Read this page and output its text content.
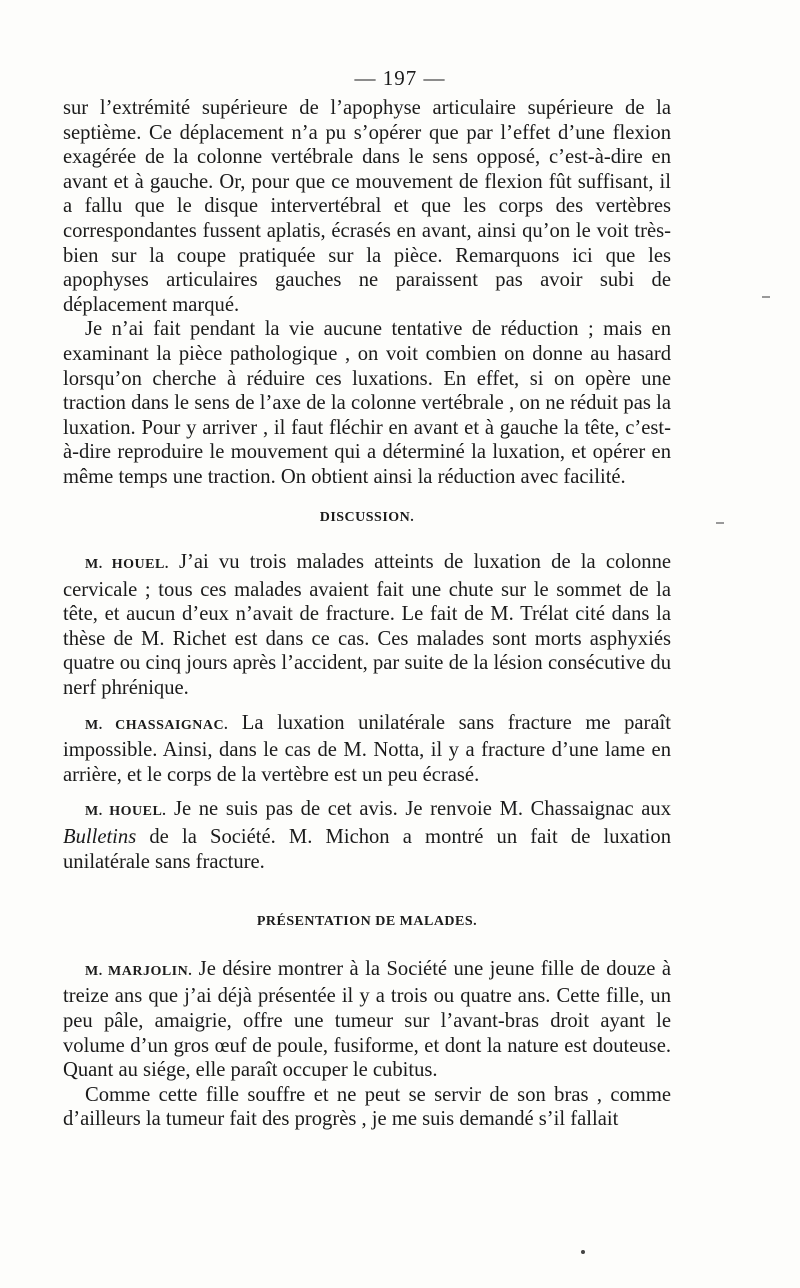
— 197 —

sur l’extrémité supérieure de l’apophyse articulaire supérieure de la septième. Ce déplacement n’a pu s’opérer que par l’effet d’une flexion exagérée de la colonne vertébrale dans le sens opposé, c’est-à-dire en avant et à gauche. Or, pour que ce mouvement de flexion fût suffisant, il a fallu que le disque intervertébral et que les corps des vertèbres correspondantes fussent aplatis, écrasés en avant, ainsi qu’on le voit très-bien sur la coupe pratiquée sur la pièce. Remarquons ici que les apophyses articulaires gauches ne paraissent pas avoir subi de déplacement marqué.

Je n’ai fait pendant la vie aucune tentative de réduction ; mais en examinant la pièce pathologique , on voit combien on donne au hasard lorsqu’on cherche à réduire ces luxations. En effet, si on opère une traction dans le sens de l’axe de la colonne vertébrale , on ne réduit pas la luxation. Pour y arriver , il faut fléchir en avant et à gauche la tête, c’est-à-dire reproduire le mouvement qui a déterminé la luxation, et opérer en même temps une traction. On obtient ainsi la réduction avec facilité.

DISCUSSION.

M. HOUEL. J’ai vu trois malades atteints de luxation de la colonne cervicale ; tous ces malades avaient fait une chute sur le sommet de la tête, et aucun d’eux n’avait de fracture. Le fait de M. Trélat cité dans la thèse de M. Richet est dans ce cas. Ces malades sont morts asphyxiés quatre ou cinq jours après l’accident, par suite de la lésion consécutive du nerf phrénique.

M. CHASSAIGNAC. La luxation unilatérale sans fracture me paraît impossible. Ainsi, dans le cas de M. Notta, il y a fracture d’une lame en arrière, et le corps de la vertèbre est un peu écrasé.

M. HOUEL. Je ne suis pas de cet avis. Je renvoie M. Chassaignac aux Bulletins de la Société. M. Michon a montré un fait de luxation unilatérale sans fracture.

PRÉSENTATION DE MALADES.

M. MARJOLIN. Je désire montrer à la Société une jeune fille de douze à treize ans que j’ai déjà présentée il y a trois ou quatre ans. Cette fille, un peu pâle, amaigrie, offre une tumeur sur l’avant-bras droit ayant le volume d’un gros œuf de poule, fusiforme, et dont la nature est douteuse. Quant au siége, elle paraît occuper le cubitus.

Comme cette fille souffre et ne peut se servir de son bras , comme d’ailleurs la tumeur fait des progrès , je me suis demandé s’il fallait
